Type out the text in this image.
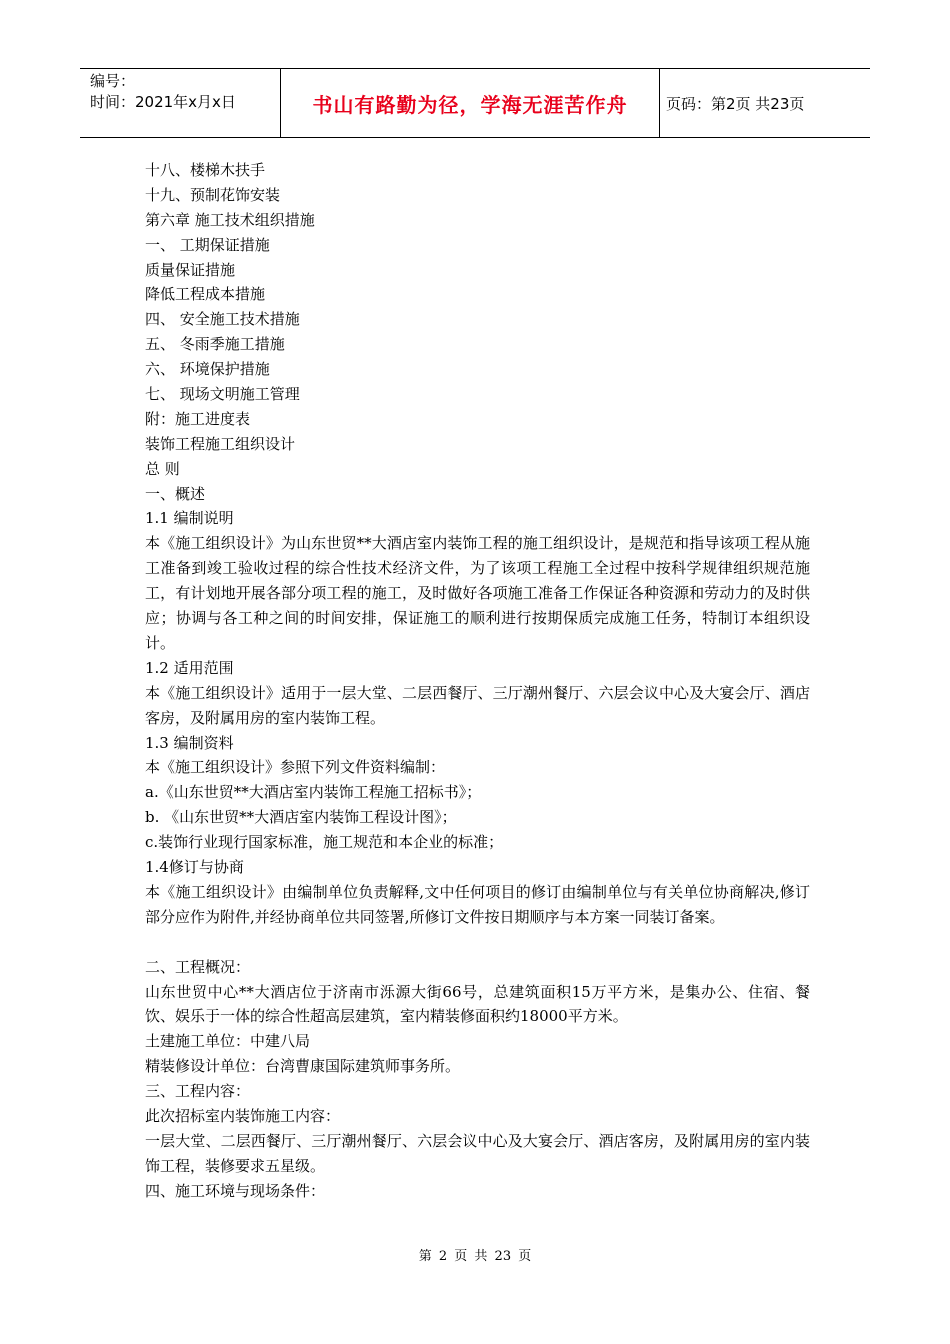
编号：
时间：2021年x月x日	书山有路勤为径，学海无涯苦作舟	页码：第2页 共23页
十八、楼梯木扶手
十九、预制花饰安装
第六章 施工技术组织措施
一、 工期保证措施
质量保证措施
降低工程成本措施
四、 安全施工技术措施
五、 冬雨季施工措施
六、 环境保护措施
七、 现场文明施工管理
附：施工进度表
装饰工程施工组织设计
总 则
一、概述
1.1 编制说明
本《施工组织设计》为山东世贸**大酒店室内装饰工程的施工组织设计，是规范和指导该项工程从施工准备到竣工验收过程的综合性技术经济文件，为了该项工程施工全过程中按科学规律组织规范施工，有计划地开展各部分项工程的施工，及时做好各项施工准备工作保证各种资源和劳动力的及时供应；协调与各工种之间的时间安排，保证施工的顺利进行按期保质完成施工任务，特制订本组织设计。
1.2 适用范围
本《施工组织设计》适用于一层大堂、二层西餐厅、三厅潮州餐厅、六层会议中心及大宴会厅、酒店客房，及附属用房的室内装饰工程。
1.3 编制资料
本《施工组织设计》参照下列文件资料编制：
a.《山东世贸**大酒店室内装饰工程施工招标书》；
b. 《山东世贸**大酒店室内装饰工程设计图》；
c.装饰行业现行国家标准，施工规范和本企业的标准；
1.4修订与协商
本《施工组织设计》由编制单位负责解释,文中任何项目的修订由编制单位与有关单位协商解决,修订部分应作为附件,并经协商单位共同签署,所修订文件按日期顺序与本方案一同装订备案。
二、工程概况：
山东世贸中心**大酒店位于济南市泺源大街66号，总建筑面积15万平方米，是集办公、住宿、餐饮、娱乐于一体的综合性超高层建筑，室内精装修面积约18000平方米。
土建施工单位：中建八局
精装修设计单位：台湾曹康国际建筑师事务所。
三、工程内容：
此次招标室内装饰施工内容：
一层大堂、二层西餐厅、三厅潮州餐厅、六层会议中心及大宴会厅、酒店客房，及附属用房的室内装饰工程，装修要求五星级。
四、施工环境与现场条件：
第 2 页 共 23 页
